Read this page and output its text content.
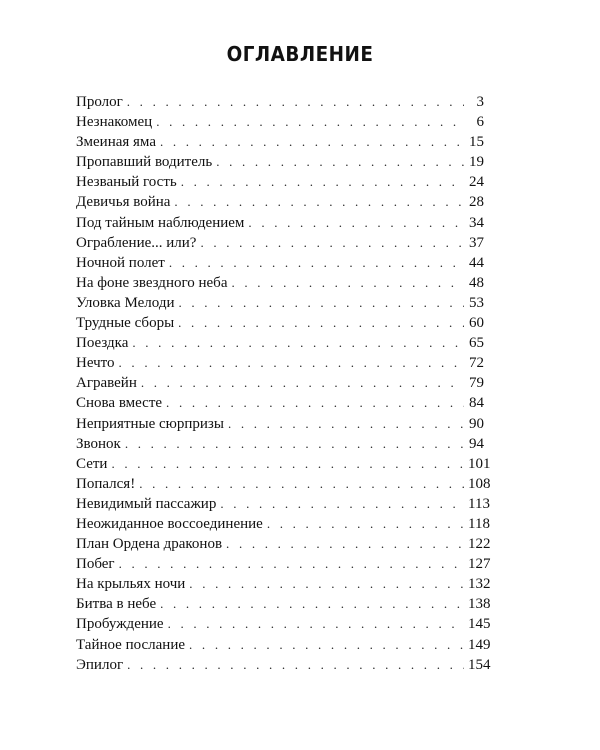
ОГЛАВЛЕНИЕ
Пролог . . .	3
Незнакомец . . .	6
Змеиная яма . . .	15
Пропавший водитель . . .	19
Незваный гость . . .	24
Девичья война . . .	28
Под тайным наблюдением . . .	34
Ограбление... или? . . .	37
Ночной полет . . .	44
На фоне звездного неба . . .	48
Уловка Мелоди . . .	53
Трудные сборы . . .	60
Поездка . . .	65
Нечто . . .	72
Агравейн . . .	79
Снова вместе . . .	84
Неприятные сюрпризы . . .	90
Звонок . . .	94
Сети . . .	101
Попался! . . .	108
Невидимый пассажир . . .	113
Неожиданное воссоединение . . .	118
План Ордена драконов . . .	122
Побег . . .	127
На крыльях ночи . . .	132
Битва в небе . . .	138
Пробуждение . . .	145
Тайное послание . . .	149
Эпилог . . .	154
